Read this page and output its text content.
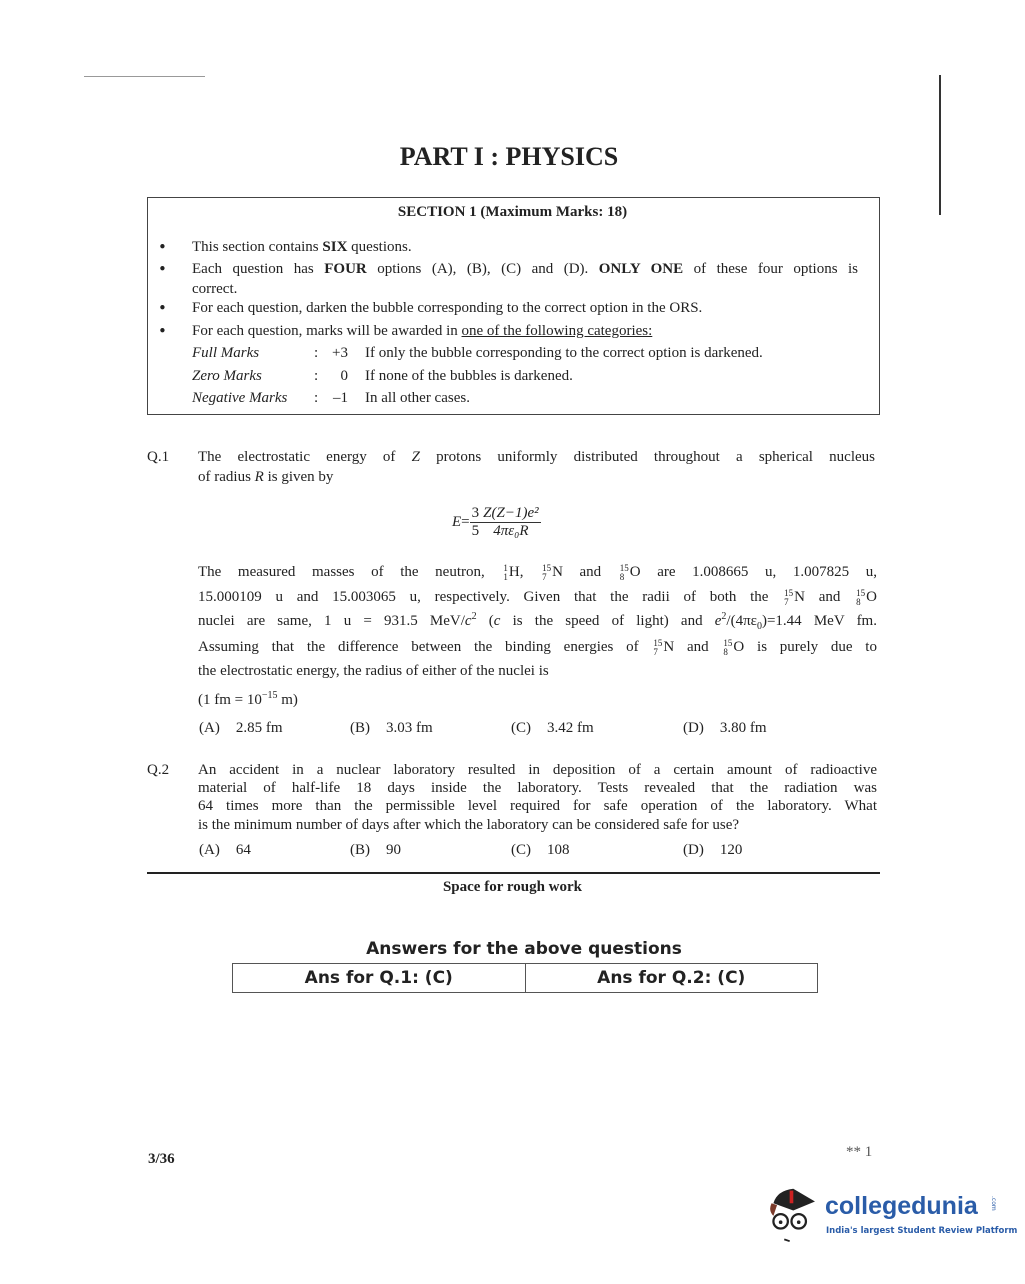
PART I : PHYSICS
SECTION 1 (Maximum Marks: 18)
• This section contains SIX questions.
• Each question has FOUR options (A), (B), (C) and (D). ONLY ONE of these four options is
correct.
• For each question, darken the bubble corresponding to the correct option in the ORS.
• For each question, marks will be awarded in one of the following categories:
Full Marks	: +3 If only the bubble corresponding to the correct option is darkened.
Zero Marks	:	0 If none of the bubbles is darkened.
Negative Marks : –1 In all other cases.
Q.1 The electrostatic energy of Z protons uniformly distributed throughout a spherical nucleus
of radius R is given by
$E= \frac{3}{5} \frac{\text{Z(Z−1)e²}}{\text{4πε₀R}}$
The measured masses of the neutron, 1
1 H, 15
7 N and 15
8 O are 1.008665 u, 1.007825 u,
15.000109 u and 15.003065 u, respectively. Given that the radii of both the 15
7 N and 15
8 O
nuclei are same, 1 u = 931.5 MeV/$c^2$ (c is the speed of light) and $e^2/(4\pi\varepsilon_0)=1.44$ MeV fm.
Assuming that the difference between the binding energies of 15
7 N and 15
8 O is purely due to
the electrostatic energy, the radius of either of the nuclei is
(1 fm = $10^{-15}$ m)
(A) 2.85 fm	(B) 3.03 fm	(C) 3.42 fm	(D) 3.80 fm
Q.2 An accident in a nuclear laboratory resulted in deposition of a certain amount of radioactive
material of half-life 18 days inside the laboratory. Tests revealed that the radiation was
64 times more than the permissible level required for safe operation of the laboratory. What
is the minimum number of days after which the laboratory can be considered safe for use?
(A) 64	(B) 90	(C) 108	(D) 120
Space for rough work
Answers for the above questions
Ans for Q.1: (C)	Ans for Q.2: (C)
3/36	** 1
collegedunia .com
India's largest Student Review Platform
